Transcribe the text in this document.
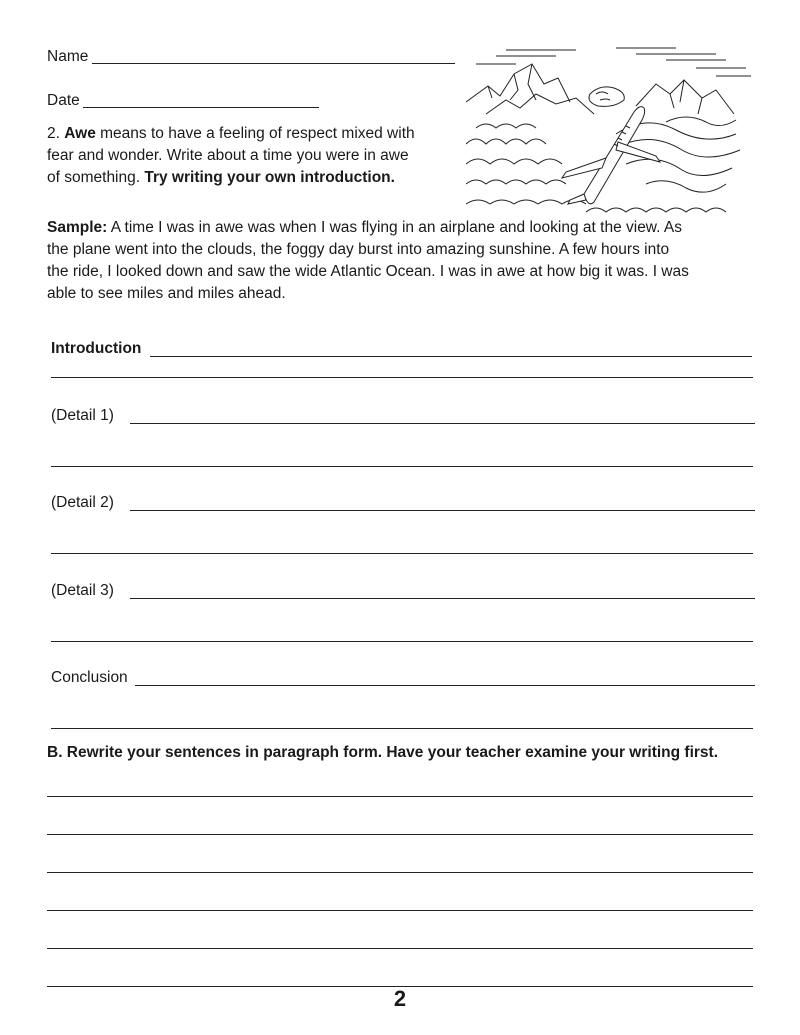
Name
Date
2. Awe means to have a feeling of respect mixed with
fear and wonder. Write about a time you were in awe
of something. Try writing your own introduction.
Sample: A time I was in awe was when I was flying in an airplane and looking at the view. As
the plane went into the clouds, the foggy day burst into amazing sunshine. A few hours into
the ride, I looked down and saw the wide Atlantic Ocean. I was in awe at how big it was. I was
able to see miles and miles ahead.
Introduction
(Detail 1)
(Detail 2)
(Detail 3)
Conclusion
B. Rewrite your sentences in paragraph form. Have your teacher examine your writing first.
2
